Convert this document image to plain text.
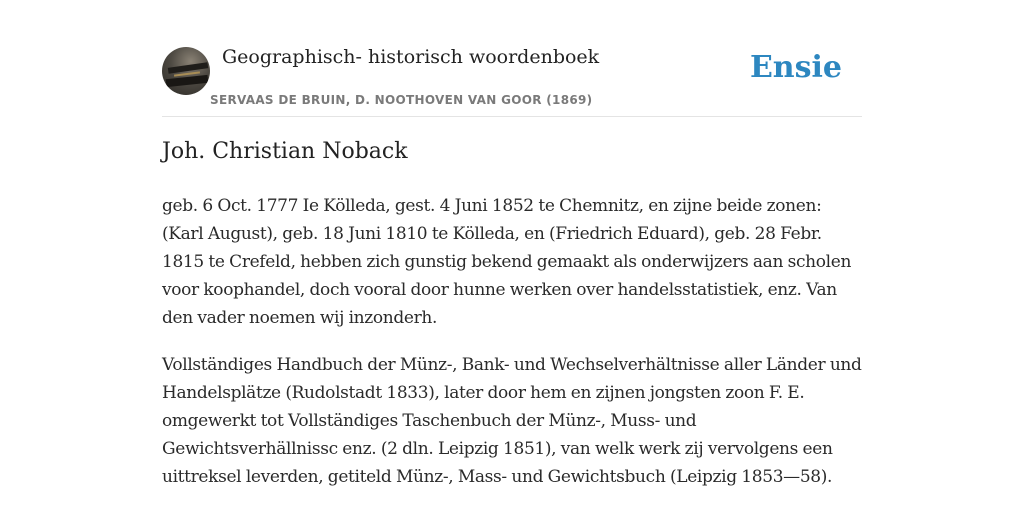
Geographisch- historisch woordenboek
SERVAAS DE BRUIN, D. NOOTHOVEN VAN GOOR (1869)
Ensie
Joh. Christian Noback

geb. 6 Oct. 1777 Ie Kölleda, gest. 4 Juni 1852 te Chemnitz, en zijne beide zonen: (Karl August), geb. 18 Juni 1810 te Kölleda, en (Friedrich Eduard), geb. 28 Febr. 1815 te Crefeld, hebben zich gunstig bekend gemaakt als onderwijzers aan scholen voor koophandel, doch vooral door hunne werken over handelsstatistiek, enz. Van den vader noemen wij inzonderh.

Vollständiges Handbuch der Münz-, Bank- und Wechselverhältnisse aller Länder und Handelsplätze (Rudolstadt 1833), later door hem en zijnen jongsten zoon F. E. omgewerkt tot Vollständiges Taschenbuch der Münz-, Muss- und Gewichtsverhällnissc enz. (2 dln. Leipzig 1851), van welk werk zij vervolgens een uittreksel leverden, getiteld Münz-, Mass- und Gewichtsbuch (Leipzig 1853—58).
